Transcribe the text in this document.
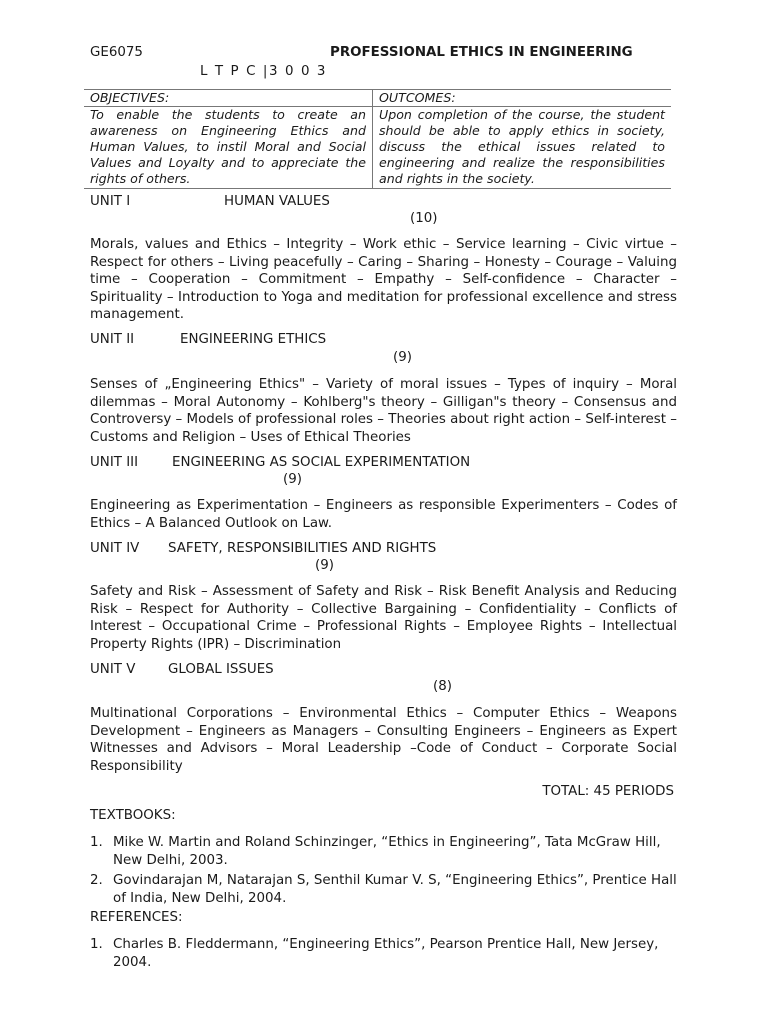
GE6075	PROFESSIONAL ETHICS IN ENGINEERING
L T P C |3 0 0 3
OBJECTIVES:	OUTCOMES:
To enable the students to create an awareness on Engineering Ethics and Human Values, to instil Moral and Social Values and Loyalty and to appreciate the rights of others.	Upon completion of the course, the student should be able to apply ethics in society, discuss the ethical issues related to engineering and realize the responsibilities and rights in the society.
UNIT I	HUMAN VALUES
(10)

Morals, values and Ethics – Integrity – Work ethic – Service learning – Civic virtue – Respect for others – Living peacefully – Caring – Sharing – Honesty – Courage – Valuing time – Cooperation – Commitment – Empathy – Self-confidence – Character – Spirituality – Introduction to Yoga and meditation for professional excellence and stress management.

UNIT II	ENGINEERING ETHICS
(9)

Senses of „Engineering Ethics" – Variety of moral issues – Types of inquiry – Moral dilemmas – Moral Autonomy – Kohlberg"s theory – Gilligan"s theory – Consensus and Controversy – Models of professional roles – Theories about right action – Self-interest – Customs and Religion – Uses of Ethical Theories

UNIT III	ENGINEERING AS SOCIAL EXPERIMENTATION
(9)

Engineering as Experimentation – Engineers as responsible Experimenters – Codes of Ethics – A Balanced Outlook on Law.

UNIT IV SAFETY, RESPONSIBILITIES AND RIGHTS
(9)

Safety and Risk – Assessment of Safety and Risk – Risk Benefit Analysis and Reducing Risk – Respect for Authority – Collective Bargaining – Confidentiality – Conflicts of Interest – Occupational Crime – Professional Rights – Employee Rights – Intellectual Property Rights (IPR) – Discrimination

UNIT V GLOBAL ISSUES
(8)

Multinational Corporations – Environmental Ethics – Computer Ethics – Weapons Development – Engineers as Managers – Consulting Engineers – Engineers as Expert Witnesses and Advisors – Moral Leadership –Code of Conduct – Corporate Social Responsibility

TOTAL: 45 PERIODS
TEXTBOOKS:
1. Mike W. Martin and Roland Schinzinger, “Ethics in Engineering”, Tata McGraw Hill, New Delhi, 2003.
2. Govindarajan M, Natarajan S, Senthil Kumar V. S, “Engineering Ethics”, Prentice Hall of India, New Delhi, 2004.
REFERENCES:
1. Charles B. Fleddermann, “Engineering Ethics”, Pearson Prentice Hall, New Jersey, 2004.
